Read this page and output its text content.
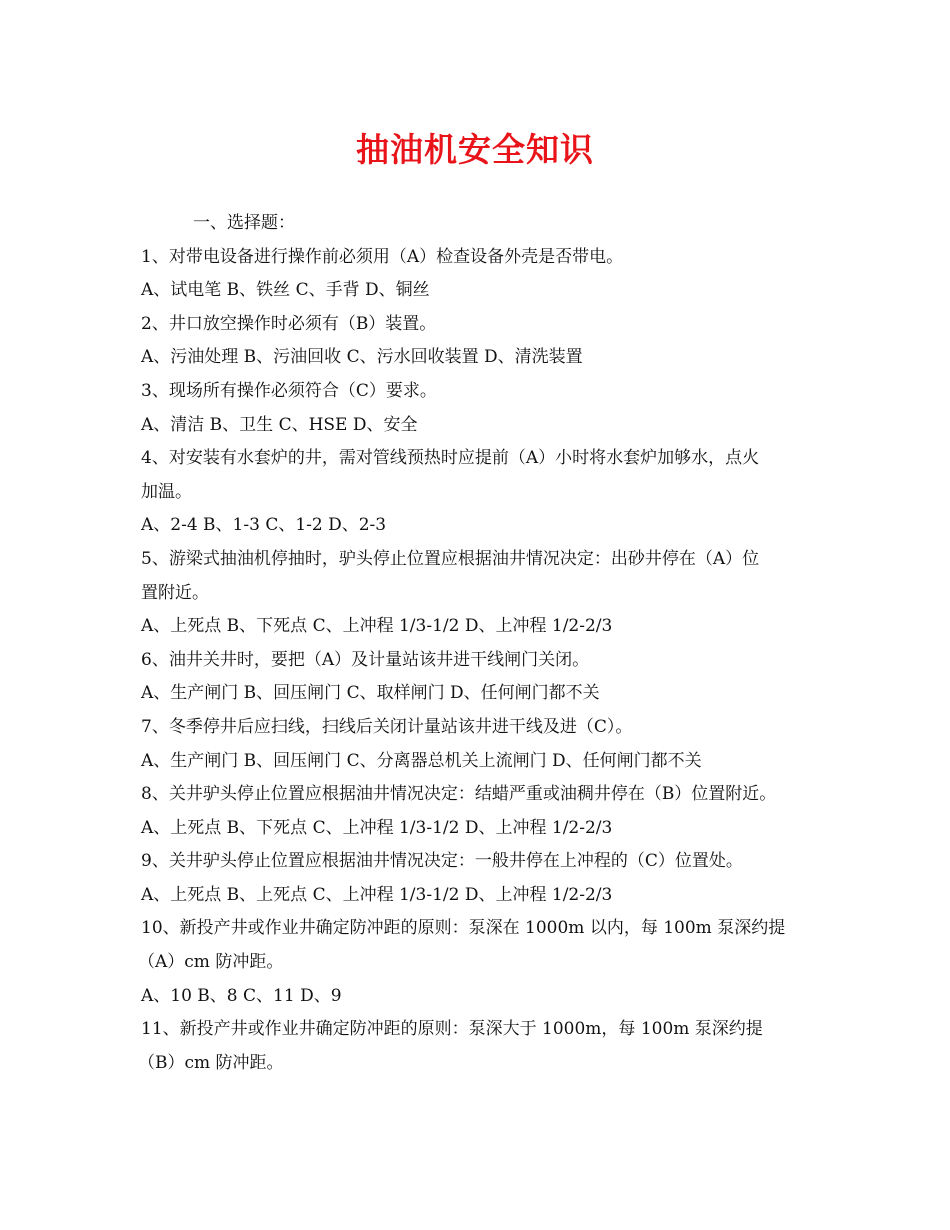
抽油机安全知识
一、选择题：
1、对带电设备进行操作前必须用（A）检查设备外壳是否带电。
A、试电笔 B、铁丝 C、手背 D、铜丝
2、井口放空操作时必须有（B）装置。
A、污油处理 B、污油回收 C、污水回收装置 D、清洗装置
3、现场所有操作必须符合（C）要求。
A、清洁 B、卫生 C、HSE D、安全
4、对安装有水套炉的井，需对管线预热时应提前（A）小时将水套炉加够水，点火
加温。
A、2-4 B、1-3 C、1-2 D、2-3
5、游梁式抽油机停抽时，驴头停止位置应根据油井情况决定：出砂井停在（A）位
置附近。
A、上死点 B、下死点 C、上冲程 1/3-1/2 D、上冲程 1/2-2/3
6、油井关井时，要把（A）及计量站该井进干线闸门关闭。
A、生产闸门 B、回压闸门 C、取样闸门 D、任何闸门都不关
7、冬季停井后应扫线，扫线后关闭计量站该井进干线及进（C）。
A、生产闸门 B、回压闸门 C、分离器总机关上流闸门 D、任何闸门都不关
8、关井驴头停止位置应根据油井情况决定：结蜡严重或油稠井停在（B）位置附近。
A、上死点 B、下死点 C、上冲程 1/3-1/2 D、上冲程 1/2-2/3
9、关井驴头停止位置应根据油井情况决定：一般井停在上冲程的（C）位置处。
A、上死点 B、上死点 C、上冲程 1/3-1/2 D、上冲程 1/2-2/3
10、新投产井或作业井确定防冲距的原则：泵深在 1000m 以内，每 100m 泵深约提
（A）cm 防冲距。
A、10 B、8 C、11 D、9
11、新投产井或作业井确定防冲距的原则：泵深大于 1000m，每 100m 泵深约提
（B）cm 防冲距。
